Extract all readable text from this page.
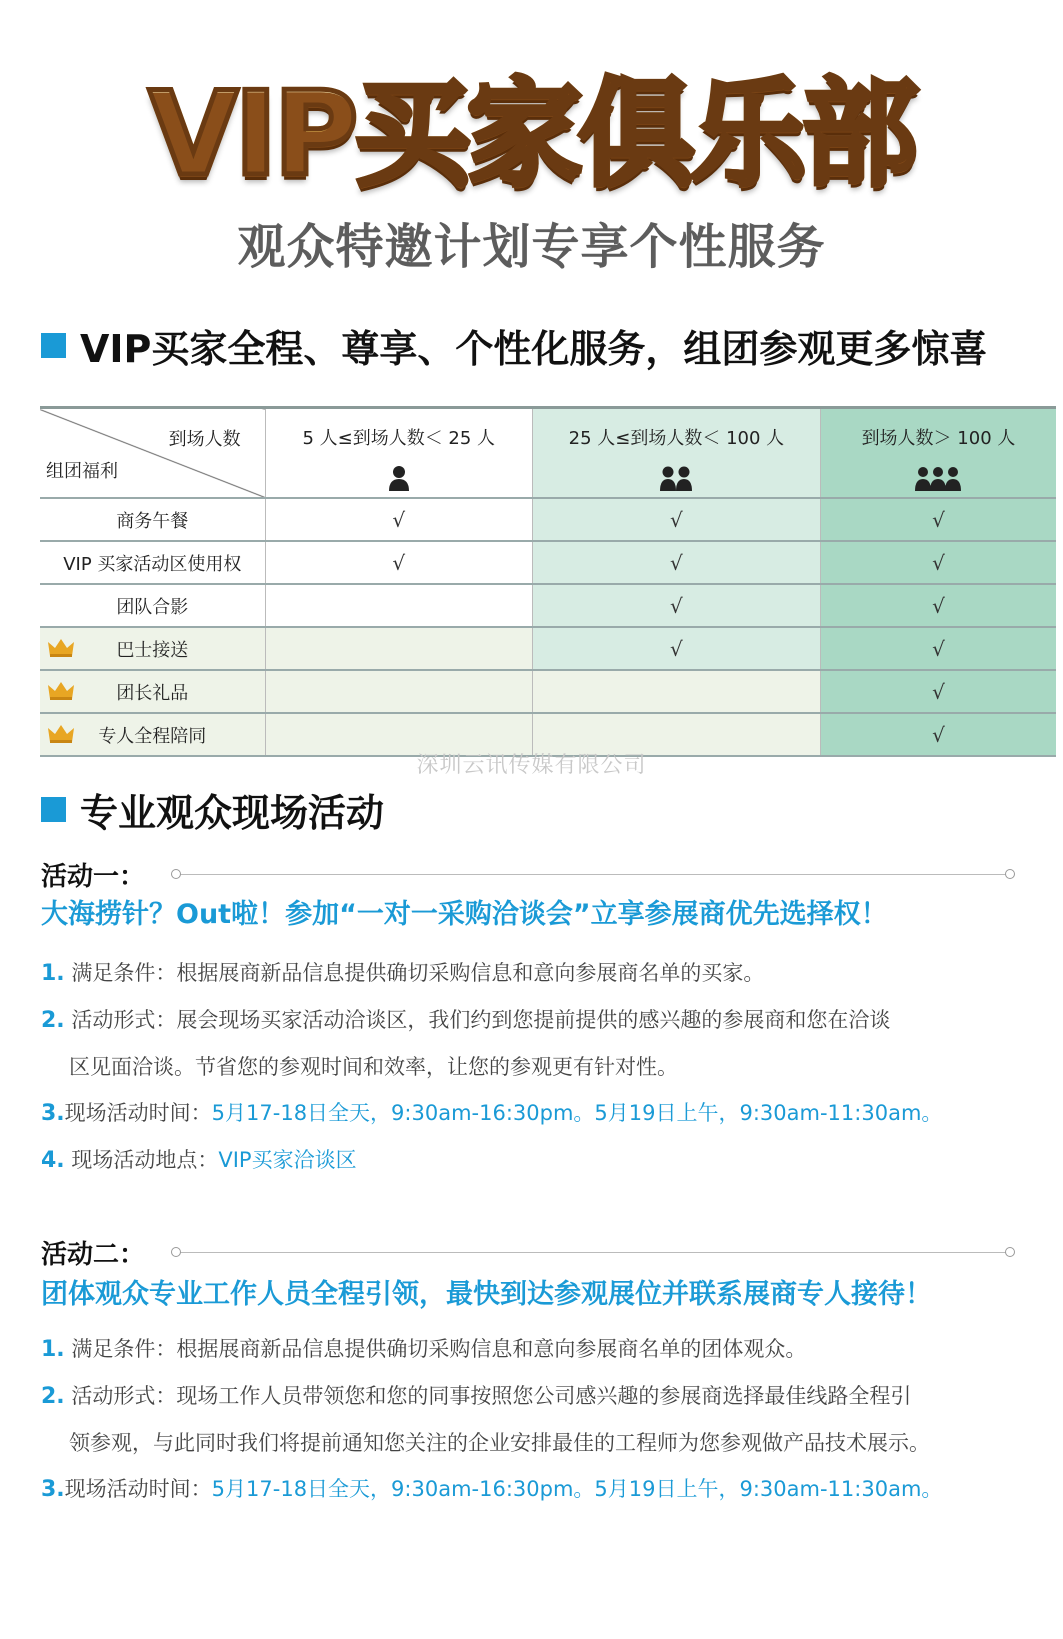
VIP买家俱乐部
观众特邀计划专享个性服务
VIP买家全程、尊享、个性化服务，组团参观更多惊喜
到场人数
组团福利	5 人≤到场人数＜ 25 人	25 人≤到场人数＜ 100 人	到场人数＞ 100 人

商务午餐	√	√	√
VIP 买家活动区使用权	√	√	√
团队合影		√	√

巴士接送		√	√

团长礼品			√

专人全程陪同			√
深圳云讯传媒有限公司
专业观众现场活动
活动一：
大海捞针？Out啦！参加“一对一采购洽谈会”立享参展商优先选择权！
1. 满足条件：根据展商新品信息提供确切采购信息和意向参展商名单的买家。
2. 活动形式：展会现场买家活动洽谈区，我们约到您提前提供的感兴趣的参展商和您在洽谈
区见面洽谈。节省您的参观时间和效率，让您的参观更有针对性。
3.现场活动时间：5月17-18日全天，9:30am-16:30pm。5月19日上午，9:30am-11:30am。
4. 现场活动地点：VIP买家洽谈区
活动二：
团体观众专业工作人员全程引领，最快到达参观展位并联系展商专人接待！
1. 满足条件：根据展商新品信息提供确切采购信息和意向参展商名单的团体观众。
2. 活动形式：现场工作人员带领您和您的同事按照您公司感兴趣的参展商选择最佳线路全程引
领参观，与此同时我们将提前通知您关注的企业安排最佳的工程师为您参观做产品技术展示。
3.现场活动时间：5月17-18日全天，9:30am-16:30pm。5月19日上午，9:30am-11:30am。
